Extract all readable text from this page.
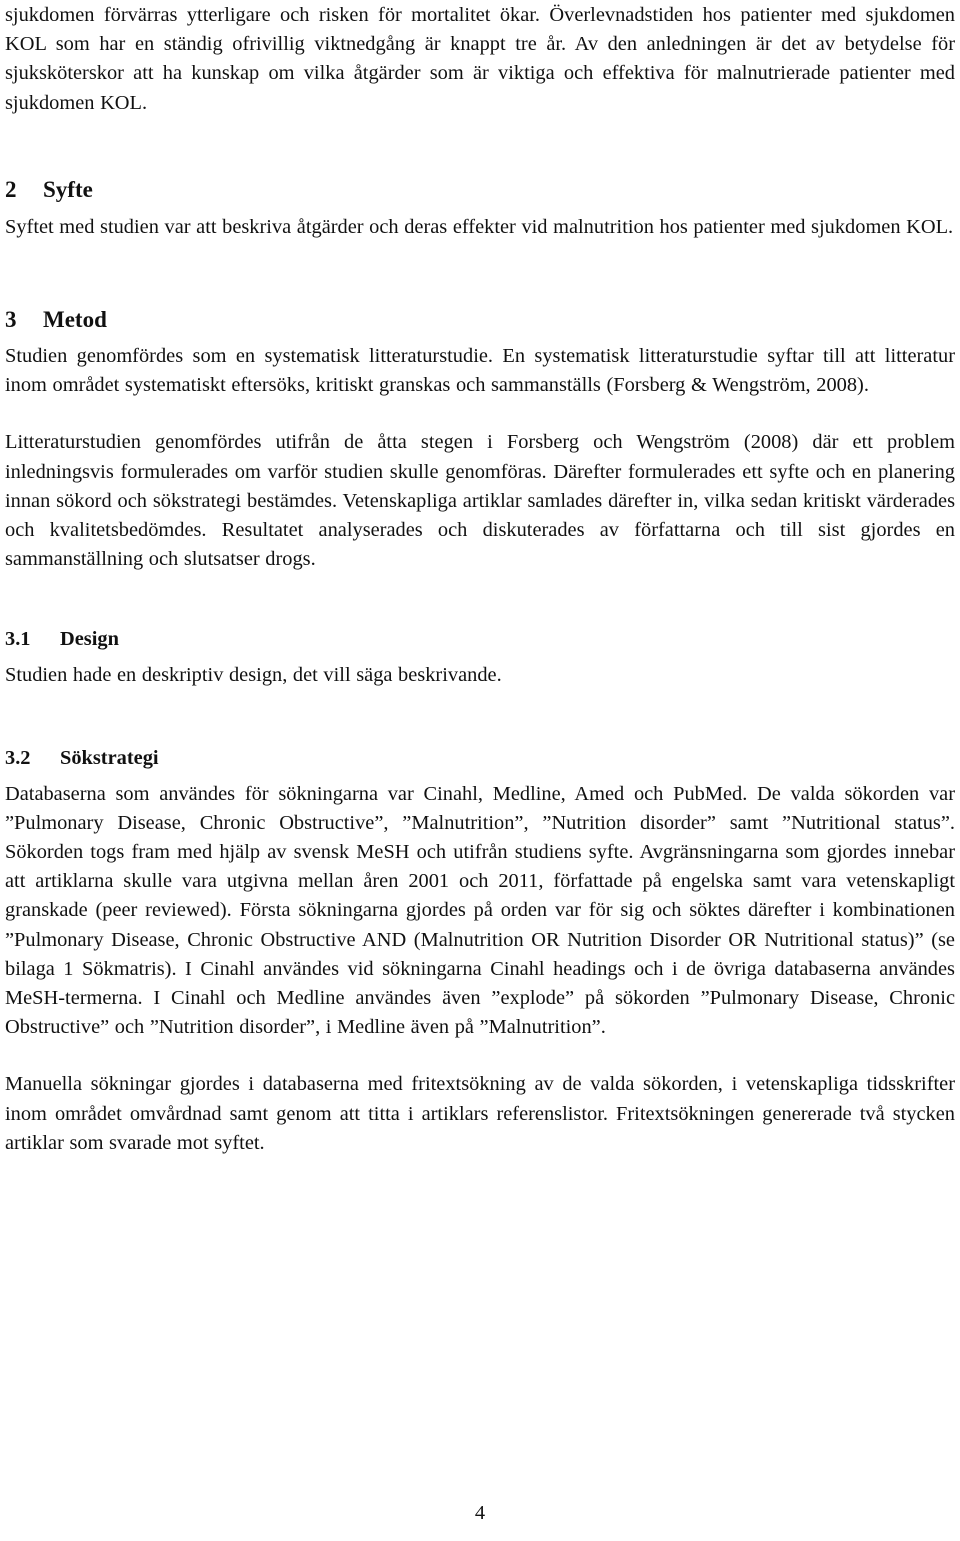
sjukdomen förvärras ytterligare och risken för mortalitet ökar. Överlevnadstiden hos patienter med sjukdomen KOL som har en ständig ofrivillig viktnedgång är knappt tre år. Av den anledningen är det av betydelse för sjuksköterskor att ha kunskap om vilka åtgärder som är viktiga och effektiva för malnutrierade patienter med sjukdomen KOL.

2 Syfte

Syftet med studien var att beskriva åtgärder och deras effekter vid malnutrition hos patienter med sjukdomen KOL.

3 Metod

Studien genomfördes som en systematisk litteraturstudie. En systematisk litteraturstudie syftar till att litteratur inom området systematiskt eftersöks, kritiskt granskas och sammanställs (Forsberg & Wengström, 2008).

Litteraturstudien genomfördes utifrån de åtta stegen i Forsberg och Wengström (2008) där ett problem inledningsvis formulerades om varför studien skulle genomföras. Därefter formulerades ett syfte och en planering innan sökord och sökstrategi bestämdes. Vetenskapliga artiklar samlades därefter in, vilka sedan kritiskt värderades och kvalitetsbedömdes. Resultatet analyserades och diskuterades av författarna och till sist gjordes en sammanställning och slutsatser drogs.

3.1 Design

Studien hade en deskriptiv design, det vill säga beskrivande.

3.2 Sökstrategi

Databaserna som användes för sökningarna var Cinahl, Medline, Amed och PubMed. De valda sökorden var ”Pulmonary Disease, Chronic Obstructive”, ”Malnutrition”, ”Nutrition disorder” samt ”Nutritional status”. Sökorden togs fram med hjälp av svensk MeSH och utifrån studiens syfte. Avgränsningarna som gjordes innebar att artiklarna skulle vara utgivna mellan åren 2001 och 2011, författade på engelska samt vara vetenskapligt granskade (peer reviewed). Första sökningarna gjordes på orden var för sig och söktes därefter i kombinationen ”Pulmonary Disease, Chronic Obstructive AND (Malnutrition OR Nutrition Disorder OR Nutritional status)” (se bilaga 1 Sökmatris). I Cinahl användes vid sökningarna Cinahl headings och i de övriga databaserna användes MeSH-termerna. I Cinahl och Medline användes även ”explode” på sökorden ”Pulmonary Disease, Chronic Obstructive” och ”Nutrition disorder”, i Medline även på ”Malnutrition”.

Manuella sökningar gjordes i databaserna med fritextsökning av de valda sökorden, i vetenskapliga tidsskrifter inom området omvårdnad samt genom att titta i artiklars referenslistor. Fritextsökningen genererade två stycken artiklar som svarade mot syftet.

4
